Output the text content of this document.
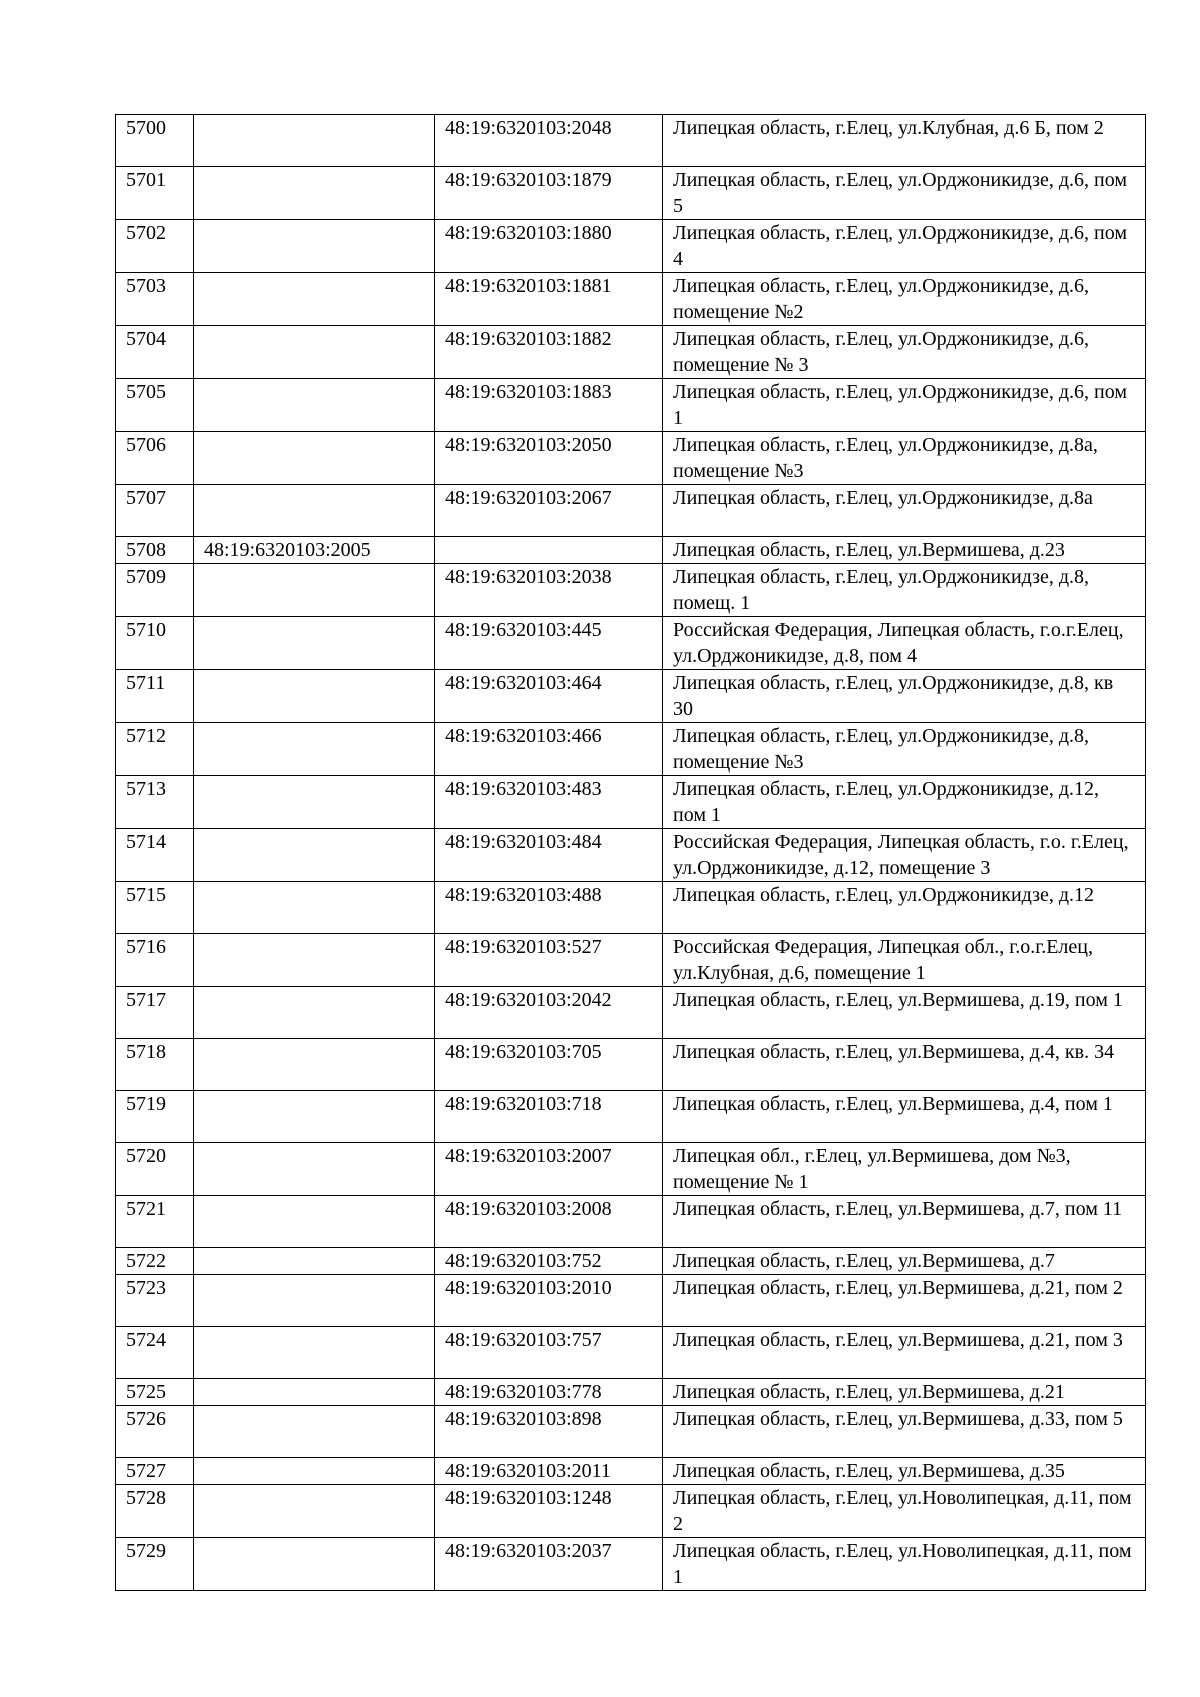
5700		48:19:6320103:2048	Липецкая область, г.Елец, ул.Клубная, д.6 Б, пом 2
5701		48:19:6320103:1879	Липецкая область, г.Елец, ул.Орджоникидзе, д.6, пом 5
5702		48:19:6320103:1880	Липецкая область, г.Елец, ул.Орджоникидзе, д.6, пом 4
5703		48:19:6320103:1881	Липецкая область, г.Елец, ул.Орджоникидзе, д.6, помещение №2
5704		48:19:6320103:1882	Липецкая область, г.Елец, ул.Орджоникидзе, д.6, помещение № 3
5705		48:19:6320103:1883	Липецкая область, г.Елец, ул.Орджоникидзе, д.6, пом 1
5706		48:19:6320103:2050	Липецкая область, г.Елец, ул.Орджоникидзе, д.8а, помещение №3
5707		48:19:6320103:2067	Липецкая область, г.Елец, ул.Орджоникидзе, д.8а
5708	48:19:6320103:2005		Липецкая область, г.Елец, ул.Вермишева, д.23
5709		48:19:6320103:2038	Липецкая область, г.Елец, ул.Орджоникидзе, д.8, помещ. 1
5710		48:19:6320103:445	Российская Федерация, Липецкая область, г.о.г.Елец, ул.Орджоникидзе, д.8, пом 4
5711		48:19:6320103:464	Липецкая область, г.Елец, ул.Орджоникидзе, д.8, кв 30
5712		48:19:6320103:466	Липецкая область, г.Елец, ул.Орджоникидзе, д.8, помещение №3
5713		48:19:6320103:483	Липецкая область, г.Елец, ул.Орджоникидзе, д.12, пом 1
5714		48:19:6320103:484	Российская Федерация, Липецкая область, г.о. г.Елец, ул.Орджоникидзе, д.12, помещение 3
5715		48:19:6320103:488	Липецкая область, г.Елец, ул.Орджоникидзе, д.12
5716		48:19:6320103:527	Российская Федерация, Липецкая обл., г.о.г.Елец, ул.Клубная, д.6, помещение 1
5717		48:19:6320103:2042	Липецкая область, г.Елец, ул.Вермишева, д.19, пом 1
5718		48:19:6320103:705	Липецкая область, г.Елец, ул.Вермишева, д.4, кв. 34
5719		48:19:6320103:718	Липецкая область, г.Елец, ул.Вермишева, д.4, пом 1
5720		48:19:6320103:2007	Липецкая обл., г.Елец, ул.Вермишева, дом №3, помещение № 1
5721		48:19:6320103:2008	Липецкая область, г.Елец, ул.Вермишева, д.7, пом 11
5722		48:19:6320103:752	Липецкая область, г.Елец, ул.Вермишева, д.7
5723		48:19:6320103:2010	Липецкая область, г.Елец, ул.Вермишева, д.21, пом 2
5724		48:19:6320103:757	Липецкая область, г.Елец, ул.Вермишева, д.21, пом 3
5725		48:19:6320103:778	Липецкая область, г.Елец, ул.Вермишева, д.21
5726		48:19:6320103:898	Липецкая область, г.Елец, ул.Вермишева, д.33, пом 5
5727		48:19:6320103:2011	Липецкая область, г.Елец, ул.Вермишева, д.35
5728		48:19:6320103:1248	Липецкая область, г.Елец, ул.Новолипецкая, д.11, пом 2
5729		48:19:6320103:2037	Липецкая область, г.Елец, ул.Новолипецкая, д.11, пом 1
